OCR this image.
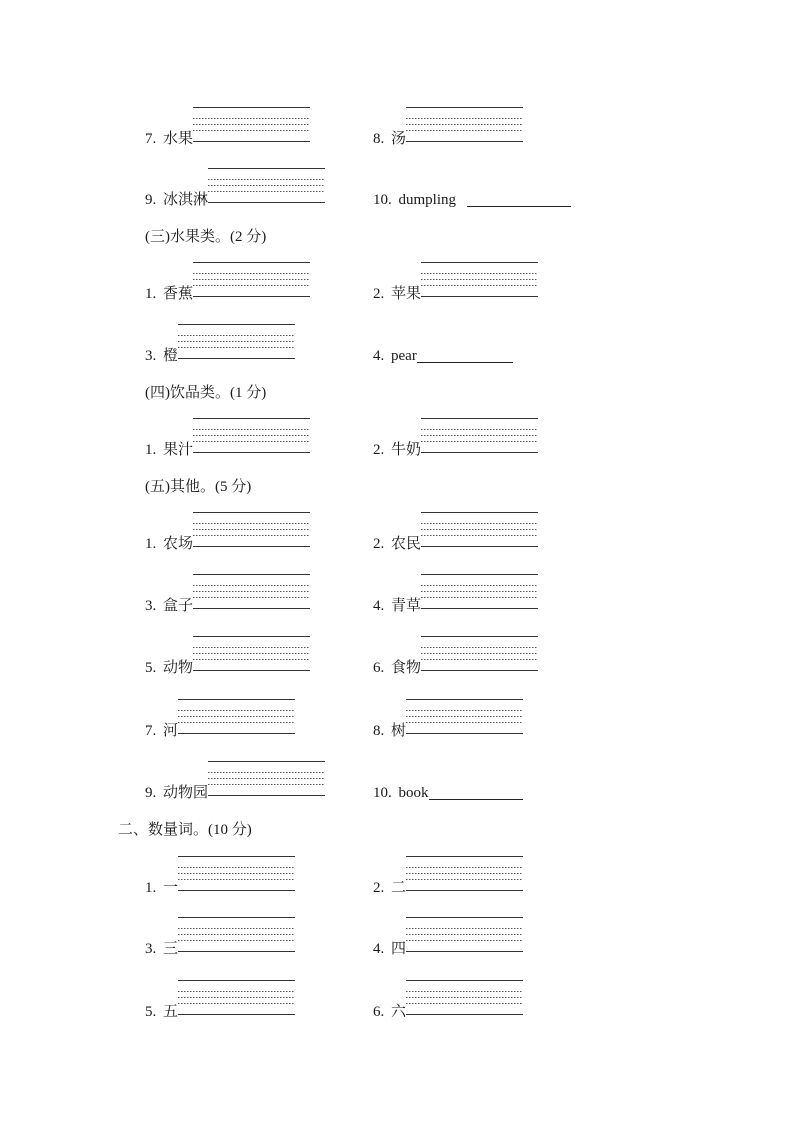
7. 水果	8. 汤
9. 冰淇淋	10. dumpling
(三)水果类。(2 分)
1. 香蕉	2. 苹果
3. 橙	4. pear
(四)饮品类。(1 分)
1. 果汁	2. 牛奶
(五)其他。(5 分)
1. 农场	2. 农民
3. 盒子	4. 青草
5. 动物	6. 食物
7. 河	8. 树
9. 动物园	10. book
二、数量词。(10 分)
1. 一	2. 二
3. 三	4. 四
5. 五	6. 六
